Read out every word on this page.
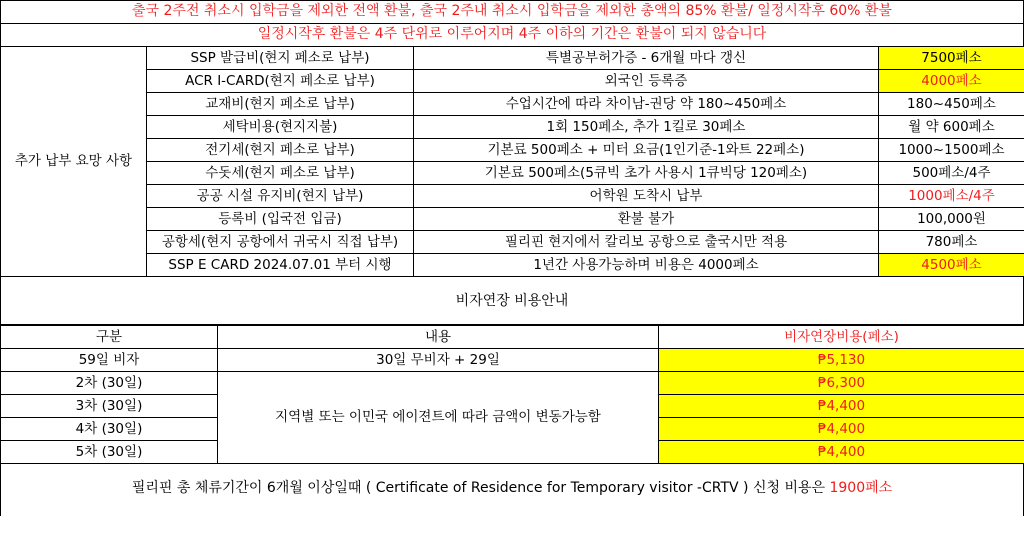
출국 2주전 취소시 입학금을 제외한 전액 환불, 출국 2주내 취소시 입학금을 제외한 총액의 85% 환불/ 일정시작후 60% 환불
일정시작후 환불은 4주 단위로 이루어지며 4주 이하의 기간은 환불이 되지 않습니다
추가 납부 요망 사항	SSP 발급비(현지 페소로 납부)	특별공부허가증 - 6개월 마다 갱신	7500페소
	ACR I-CARD(현지 페소로 납부)	외국인 등록증	4000페소
	교재비(현지 페소로 납부)	수업시간에 따라 차이남-권당 약 180~450페소	180~450페소
	세탁비용(현지지불)	1회 150페소, 추가 1킬로 30페소	월 약 600페소
	전기세(현지 페소로 납부)	기본료 500페소 + 미터 요금(1인기준-1와트 22페소)	1000~1500페소
	수돗세(현지 페소로 납부)	기본료 500페소(5큐빅 초가 사용시 1큐빅당 120페소)	500페소/4주
	공공 시설 유지비(현지 납부)	어학원 도착시 납부	1000페소/4주
	등록비 (입국전 입금)	환불 불가	100,000원
	공항세(현지 공항에서 귀국시 직접 납부)	필리핀 현지에서 칼리보 공항으로 출국시만 적용	780페소
	SSP E CARD 2024.07.01 부터 시행	1년간 사용가능하며 비용은 4000페소	4500페소
비자연장 비용안내
구분	내용	비자연장비용(페소)
59일 비자	30일 무비자 + 29일	₱5,130
2차 (30일)	지역별 또는 이민국 에이젼트에 따라 금액이 변동가능함	₱6,300
3차 (30일)		₱4,400
4차 (30일)		₱4,400
5차 (30일)		₱4,400
필리핀 총 체류기간이 6개월 이상일때 ( Certificate of Residence for Temporary visitor -CRTV ) 신청 비용은 1900페소
